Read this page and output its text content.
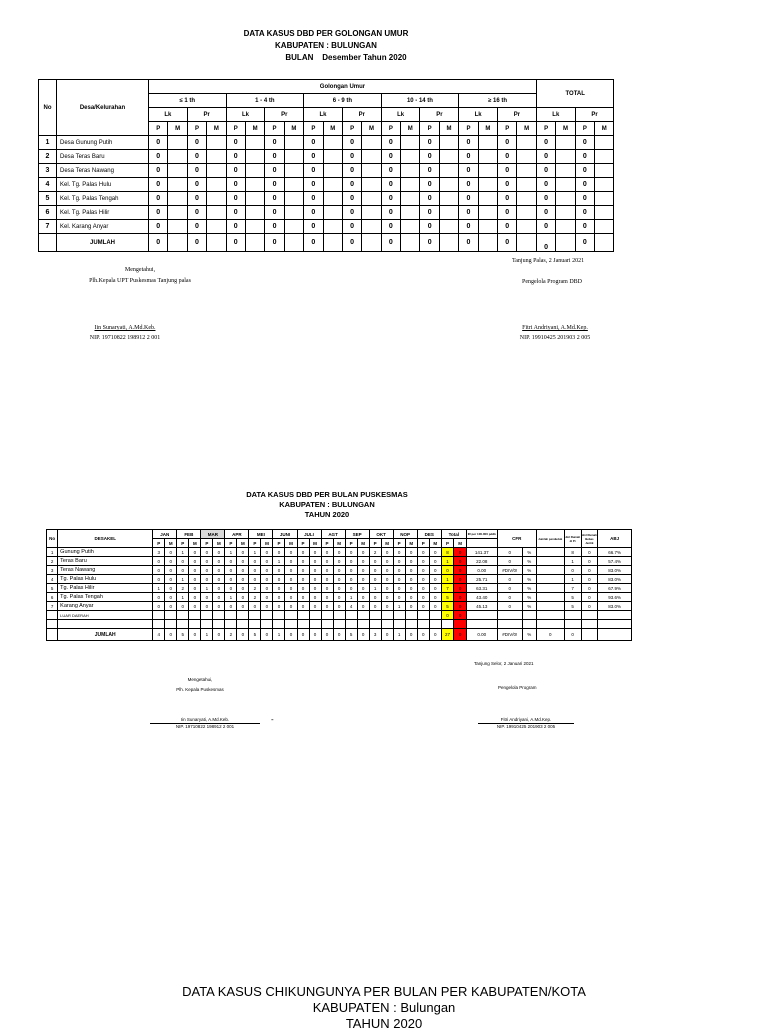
DATA KASUS DBD PER GOLONGAN UMUR
KABUPATEN : BULUNGAN
BULAN Desember Tahun 2020
No	Desa/Kelurahan	Golongan Umur																				TOTAL			
		≤ 1 th				1 - 4 th				6 - 9 th				10 - 14 th				≥ 16 th							
		Lk		Pr		Lk		Pr		Lk		Pr		Lk		Pr		Lk		Pr		Lk		Pr	
		P	M	P	M	P	M	P	M	P	M	P	M	P	M	P	M	P	M	P	M	P	M	P	M
1	Desa Gunung Putih	0		0		0		0		0		0		0		0		0		0		0		0	
2	Desa Teras Baru	0		0		0		0		0		0		0		0		0		0		0		0	
3	Desa Teras Nawang	0		0		0		0		0		0		0		0		0		0		0		0	
4	Kel. Tg. Palas Hulu	0		0		0		0		0		0		0		0		0		0		0		0	
5	Kel. Tg. Palas Tengah	0		0		0		0		0		0		0		0		0		0		0		0	
6	Kel. Tg. Palas Hilir	0		0		0		0		0		0		0		0		0		0		0		0	
7	Kel. Karang Anyar	0		0		0		0		0		0		0		0		0		0		0		0	
	JUMLAH	0		0		0		0		0		0		0		0		0		0		0		0	
Tanjung Palas, 2 Januari 2021
Mengetahui,
Plh.Kepala UPT Puskesmas Tanjung palas	Pengelola Program DBD
Iin Sunaryati, A.Md.Keb.
NIP. 19710822 198912 2 001
Fitri Andriyani, A.Md.Kep.
NIP. 19910425 201903 2 005
DATA KASUS DBD PER BULAN PUSKESMAS
KABUPATEN : BULUNGAN
TAHUN 2020
No	DESAKEL	JAN		FEB		MAR		APR		MEI		JUNI		JULI		AGT		SEP		OKT		NOP		DES		Total		IR per 100.000 pddk	CFR		Jumlah penduduk	Jml Rumah di Pi	Jml Rumah Bebas Jentik	ABJ
		P	M	P	M	P	M	P	M	P	M	P	M	P	M	P	M	P	M	P	M	P	M	P	M	P	M							
1	Gunung Putih	3	0	1	0	0	0	1	0	1	0	0	0	0	0	0	0	0	0	2	0	0	0	0	0	8	0	141.37	0	%		8	0	66.7%
2	Teras Baru	0	0	0	0	0	0	0	0	0	0	1	0	0	0	0	0	0	0	0	0	0	0	0	0	1	0	22.08	0	%		1	0	57.4%
3	Teras Nawang	0	0	0	0	0	0	0	0	0	0	0	0	0	0	0	0	0	0	0	0	0	0	0	0	0	0	0.00	#DIV/0!	%		0	0	83.0%
4	Tg. Palas Hulu	0	0	1	0	0	0	0	0	0	0	0	0	0	0	0	0	0	0	0	0	0	0	0	0	1	0	25.71	0	%		1	0	83.0%
5	Tg. Palas Hilir	1	0	2	0	1	0	0	0	2	0	0	0	0	0	0	0	0	0	1	0	0	0	0	0	7	0	63.31	0	%		7	0	67.9%
6	Tg. Palas Tengah	0	0	1	0	0	0	1	0	2	0	0	0	0	0	0	0	1	0	0	0	0	0	0	0	5	0	43.40	0	%		5	0	93.6%
7	Karang Anyar	0	0	0	0	0	0	0	0	0	0	0	0	0	0	0	0	4	0	0	0	1	0	0	0	5	0	45.13	0	%		5	0	83.0%
	LUAR DAERAH																									0	0							

	JUMLAH	4	0	5	0	1	0	2	0	5	0	1	0	0	0	0	0	5	0	3	0	1	0	0	0	27	0	0.00	#DIV/0!	%	0	0		
Tanjung Selor, 2 Januari 2021
Mengetahui,
Plh. Kepala Puskesmas	Pengelola Program
Iin Sunaryati, A.Md.Keb.
NIP. 19710822 198912 2 001
-	Fitri Andriyani, A.Md.Kep.
NIP. 19910425 201903 2 005
DATA KASUS CHIKUNGUNYA PER BULAN PER KABUPATEN/KOTA
KABUPATEN : Bulungan
TAHUN 2020
